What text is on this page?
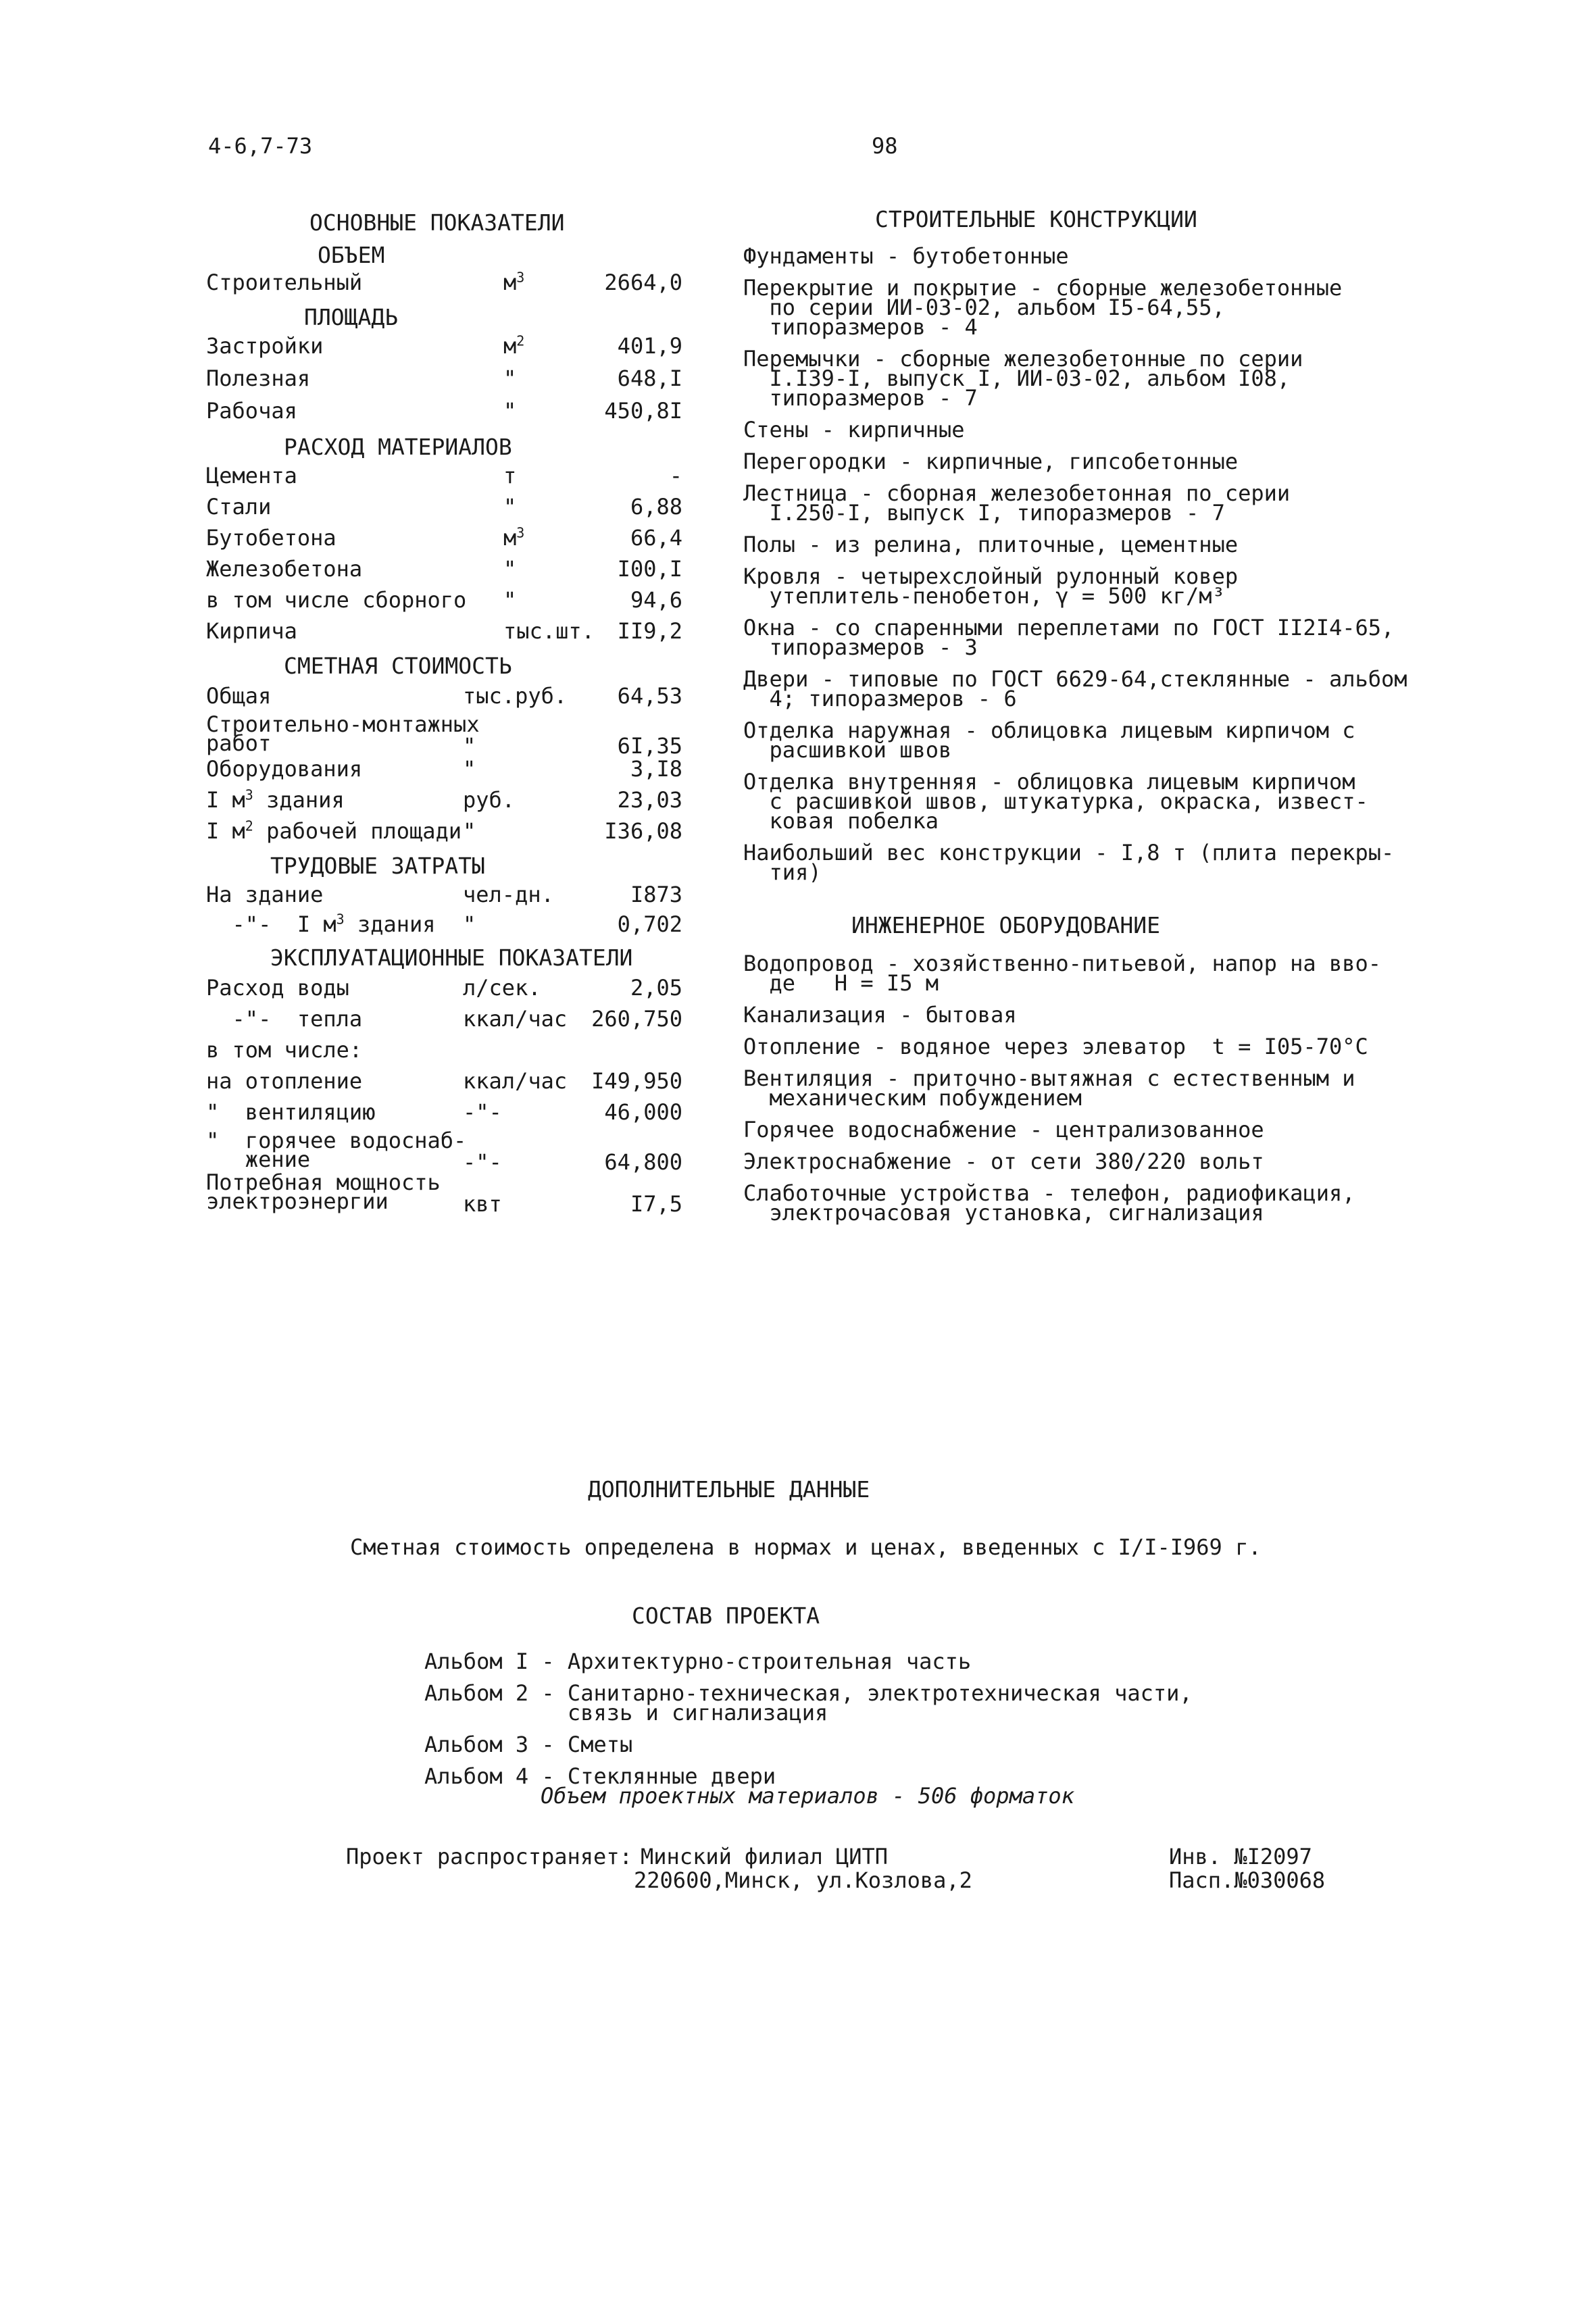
4-6,7-73	98
ОСНОВНЫЕ ПОКАЗАТЕЛИ
ОБЪЕМ
Строительный	$м^3$	2664,0
ПЛОЩАДЬ
Застройки	$м^2$	401,9
Полезная	"	648,I
Рабочая	"	450,8I
РАСХОД МАТЕРИАЛОВ
Цемента	т	-
Стали	"	6,88
Бутобетона	$м^3$	66,4
Железобетона	"	I00,I
в том числе сборного "	94,6
Кирпича	тыс.шт. II9,2
СМЕТНАЯ СТОИМОСТЬ
Общая	тыс.руб. 64,53
Строительно-монтажных
работ	"	6I,35
Оборудования	"	3,I8
I $м^3$ здания	руб.	23,03
I $м^2$ рабочей площади "	I36,08
ТРУДОВЫЕ ЗАТРАТЫ
На здание	чел-дн.	I873
-"-  I $м^3$ здания "	0,702
ЭКСПЛУАТАЦИОННЫЕ ПОКАЗАТЕЛИ
Расход воды	л/сек.	2,05
-"-  тепла	ккал/час 260,750
в том числе:
на отопление	ккал/час I49,950
"  вентиляцию	-"-	46,000
"  горячее водоснаб-
жение	-"-	64,800
Потребная мощность
электроэнергии	квт	I7,5
СТРОИТЕЛЬНЫЕ КОНСТРУКЦИИ
Фундаменты - бутобетонные
Перекрытие и покрытие - сборные железобетонные
по серии ИИ-03-02, альбом I5-64,55,
типоразмеров - 4
Перемычки - сборные железобетонные по серии
I.I39-I, выпуск I, ИИ-03-02, альбом I08,
типоразмеров - 7
Стены - кирпичные
Перегородки - кирпичные, гипсобетонные
Лестница - сборная железобетонная по серии
I.250-I, выпуск I, типоразмеров - 7
Полы - из релина, плиточные, цементные
Кровля - четырехслойный рулонный ковер
утеплитель-пенобетон, γ = 500 кг/м³
Окна - со спаренными переплетами по ГОСТ II2I4-65,
типоразмеров - 3
Двери - типовые по ГОСТ 6629-64,стеклянные - альбом
4; типоразмеров - 6
Отделка наружная - облицовка лицевым кирпичом с
расшивкой швов
Отделка внутренняя - облицовка лицевым кирпичом
с расшивкой швов, штукатурка, окраска, извест-
ковая побелка
Наибольший вес конструкции - I,8 т (плита перекры-
тия)
ИНЖЕНЕРНОЕ ОБОРУДОВАНИЕ
Водопровод - хозяйственно-питьевой, напор на вво-
де   Н = I5 м
Канализация - бытовая
Отопление - водяное через элеватор  t = I05-70°С
Вентиляция - приточно-вытяжная с естественным и
механическим побуждением
Горячее водоснабжение - централизованное
Электроснабжение - от сети 380/220 вольт
Слаботочные устройства - телефон, радиофикация,
электрочасовая установка, сигнализация
ДОПОЛНИТЕЛЬНЫЕ ДАННЫЕ
Сметная стоимость определена в нормах и ценах, введенных с I/I-I969 г.
СОСТАВ ПРОЕКТА
Альбом I - Архитектурно-строительная часть
Альбом 2 - Санитарно-техническая, электротехническая части,
связь и сигнализация
Альбом 3 - Сметы
Альбом 4 - Стеклянные двери
Объем проектных материалов - 506 форматок
Проект распространяет: Минский филиал ЦИТП
220600,Минск, ул.Козлова,2
Инв. №I2097
Пасп.№030068
